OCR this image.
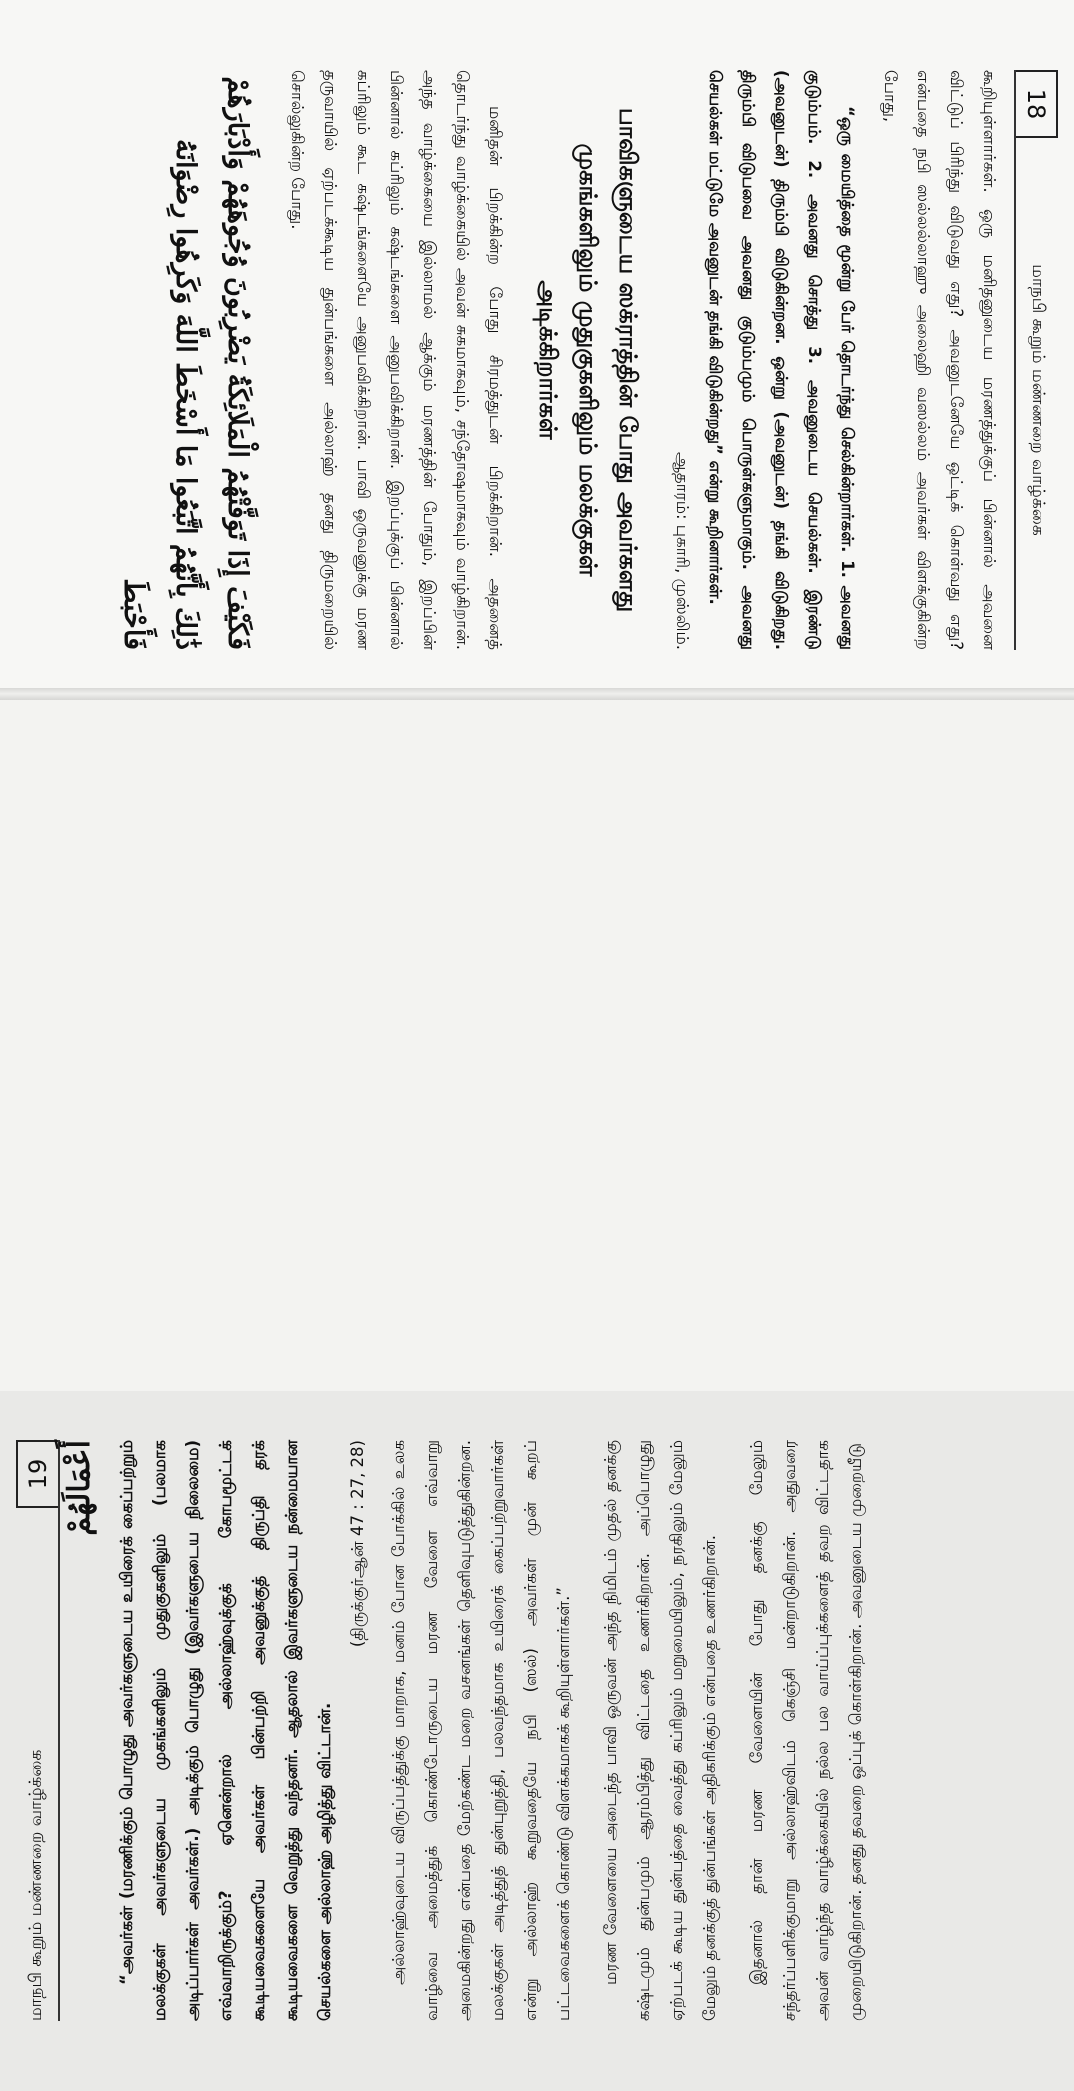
18
மாநபி கூறும் மண்ணறை வாழ்க்கை

கூறியுள்ளார்கள். ஒரு மனிதனுடைய மரணத்துக்குப் பின்னால் அவனை விட்டுப் பிரிந்து விடுவது எது? அவனுடனேயே ஒட்டிக் கொள்வது எது? என்பதை நபி ஸல்லல்லாஹு அலைஹி வஸல்லம் அவர்கள் விளக்குகின்ற போது,

“ஒரு மையித்தை மூன்று பேர் தொடர்ந்து செல்கின்றார்கள். 1. அவனது குடும்பம். 2. அவனது சொத்து 3. அவனுடைய செயல்கள். இரண்டு (அவனுடன்) திரும்பி விடுகின்றன. ஒன்று (அவனுடன்) தங்கி விடுகிறது. திரும்பி விடுபவை அவனது குடும்பமும் பொருள்களுமாகும். அவனது செயல்கள் மட்டுமே அவனுடன் தங்கி விடுகின்றது” என்று கூறினார்கள்.

ஆதாரம்: புகாரி, முஸ்லிம்.

பாவிகளுடைய ஸக்ராத்தின் போது அவர்களது முகங்களிலும் முதுகுகளிலும் மலக்குகள் அடிக்கிறார்கள்

மனிதன் பிறக்கின்ற போது சிரமத்துடன் பிறக்கிறான். அதனைத் தொடர்ந்து வாழ்க்கையில் அவன் சுகமாகவும், சந்தோஷமாகவும் வாழ்கிறான். அந்த வாழ்க்கையை இல்லாமல் ஆக்கும் மரணத்தின் போதும், இறப்பின் பின்னால் கப்ரிலும் கஷ்டங்களை அனுபவிக்கிறான். இறப்புக்குப் பின்னால் கப்ரிலும் கூட கஷ்டங்களையே அனுபவிக்கிறான். பாவி ஒருவனுக்கு மரண தருவாயில் ஏற்படக்கூடிய துன்பங்களை அல்லாஹ் தனது திருமறையில் சொல்லுகின்ற போது.

فَكَيْفَ إِذَا تَوَفَّتْهُمُ الْمَلَائِكَةُ يَضْرِبُونَ وُجُوهَهُمْ وَأَدْبَارَهُمْ

ذَٰلِكَ بِأَنَّهُمُ اتَّبَعُوا مَا أَسْخَطَ اللَّهَ وَكَرِهُوا رِضْوَانَهُ فَأَحْبَطَ

மாநபி கூறும் மண்ணறை வாழ்க்கை
19 أَعْمَالَهُمْ	“அவர்கள் (மரணிக்கும் பொழுது அவர்களுடைய உயிரைக் கைப்பற்றும் மலக்குகள் அவர்களுடைய முகங்களிலும் முதுகுகளிலும் (பலமாக அடிப்பார்கள் அவர்கள்.) அடிக்கும் பொழுது (இவர்களுடைய நிலைமை) எவ்வாறிருக்கும்? ஏனென்றால் அல்லாஹ்வுக்குக் கோபமூட்டக் கூடியவைகளையே அவர்கள் பின்பற்றி அவனுக்குத் திருப்தி தரக் கூடியவைகளை வெறுத்து வந்தனர். ஆதலால் இவர்களுடைய நன்மையான செயல்களை அல்லாஹ் அழித்து விட்டான்.

(திருக்குர்ஆன் 47 : 27, 28)	அல்லாஹ்வுடைய விருப்பத்துக்கு மாறாக, மனம் போன போக்கில் உலக வாழ்வை அமைத்துக் கொண்டோருடைய மரண வேளை எவ்வாறு அமைகின்றது என்பதை மேற்கண்ட மறை வசனங்கள் தெளிவுபடுத்துகின்றன. மலக்குகள் அடித்துத் துன்புறுத்தி, பலவந்தமாக உயிரைக் கைப்பற்றுவார்கள் என்று அல்லாஹ் கூறுவதையே நபி (ஸல்) அவர்கள் முன் கூறப் பட்டவைகளைக் கொண்டு விளக்கமாகக் கூறியுள்ளார்கள்.”	மரண வேளையை அடைந்த பாவி ஒருவன் அந்த நிமிடம் முதல் தனக்கு கஷ்டமும் துன்பமும் ஆரம்பித்து விட்டதை உணர்கிறான். அப்பொழுது ஏற்படக் கூடிய துன்பத்தை வைத்து கப்ரிலும் மறுமையிலும், நரகிலும் மேலும் மேலும் தனக்குத் துன்பங்கள் அதிகரிக்கும் என்பதை உணர்கிறான்.	இதனால் தான் மரண வேளையின் போது தனக்கு மேலும் சந்தர்ப்பளிக்குமாறு அல்லாஹ்விடம் கெஞ்சி மன்றாடுகிறான். அதுவரை அவன் வாழ்ந்த வாழ்க்கையில் நல்ல பல வாய்ப்புக்களைத் தவற விட்டதாக முறையிடுகிறான். தனது தவறை ஒப்புக் கொள்கிறான். அவனுடைய முறையீடு
